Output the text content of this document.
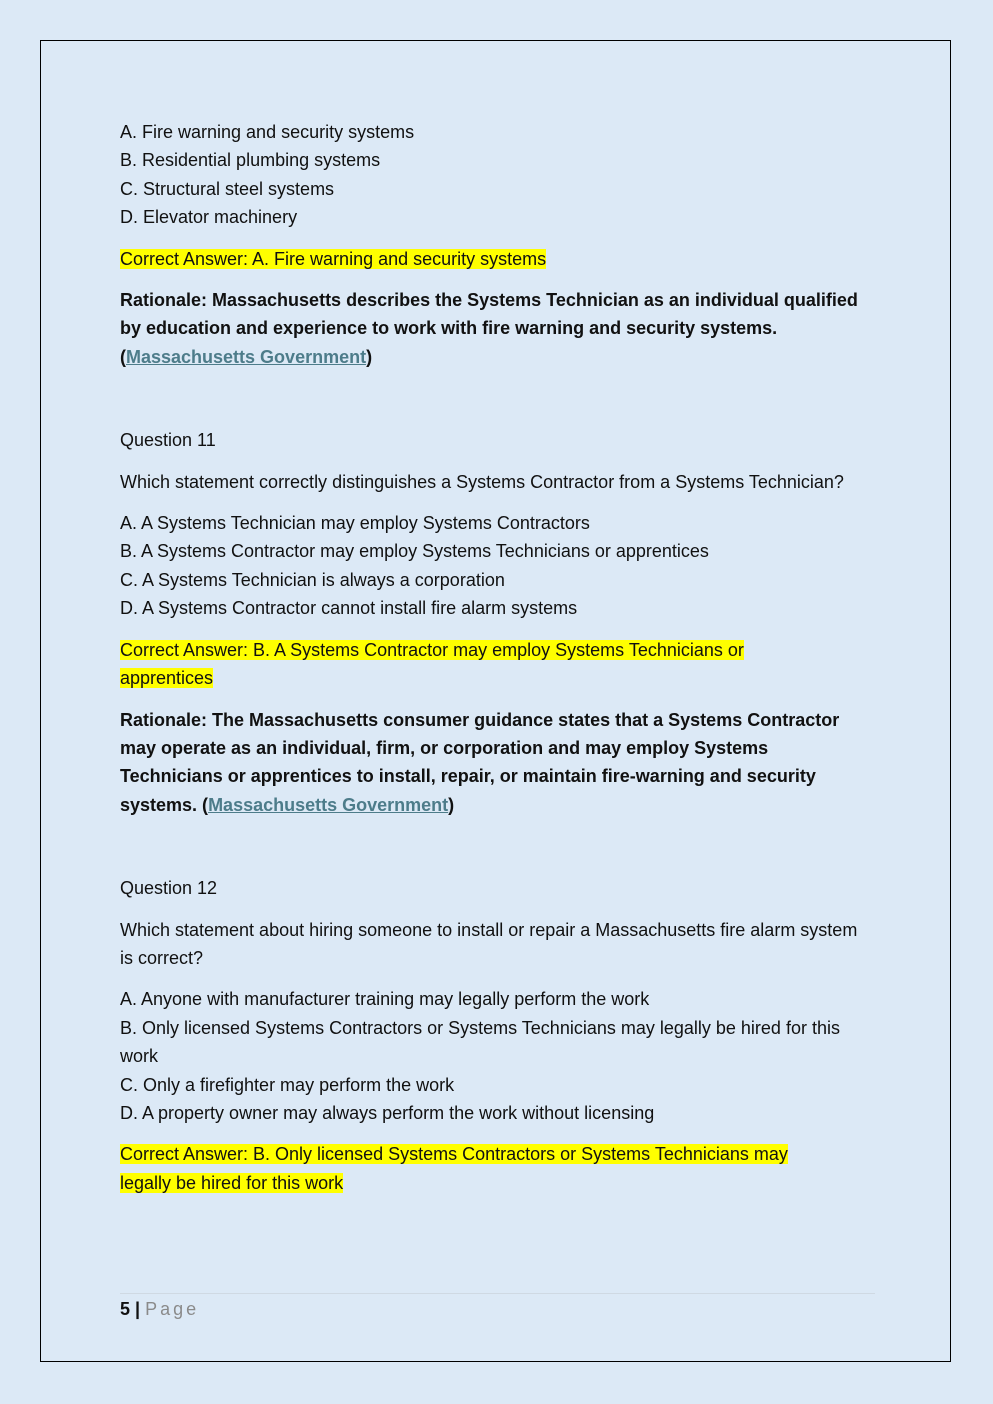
A. Fire warning and security systems

B. Residential plumbing systems

C. Structural steel systems

D. Elevator machinery

Correct Answer: A. Fire warning and security systems

Rationale: Massachusetts describes the Systems Technician as an individual qualified by education and experience to work with fire warning and security systems. (Massachusetts Government)

Question 11

Which statement correctly distinguishes a Systems Contractor from a Systems Technician?

A. A Systems Technician may employ Systems Contractors

B. A Systems Contractor may employ Systems Technicians or apprentices

C. A Systems Technician is always a corporation

D. A Systems Contractor cannot install fire alarm systems

Correct Answer: B. A Systems Contractor may employ Systems Technicians or
apprentices

Rationale: The Massachusetts consumer guidance states that a Systems Contractor may operate as an individual, firm, or corporation and may employ Systems Technicians or apprentices to install, repair, or maintain fire-warning and security systems. (Massachusetts Government)

Question 12

Which statement about hiring someone to install or repair a Massachusetts fire alarm system is correct?

A. Anyone with manufacturer training may legally perform the work

B. Only licensed Systems Contractors or Systems Technicians may legally be hired for this work

C. Only a firefighter may perform the work

D. A property owner may always perform the work without licensing

Correct Answer: B. Only licensed Systems Contractors or Systems Technicians may
legally be hired for this work

5 | Page
